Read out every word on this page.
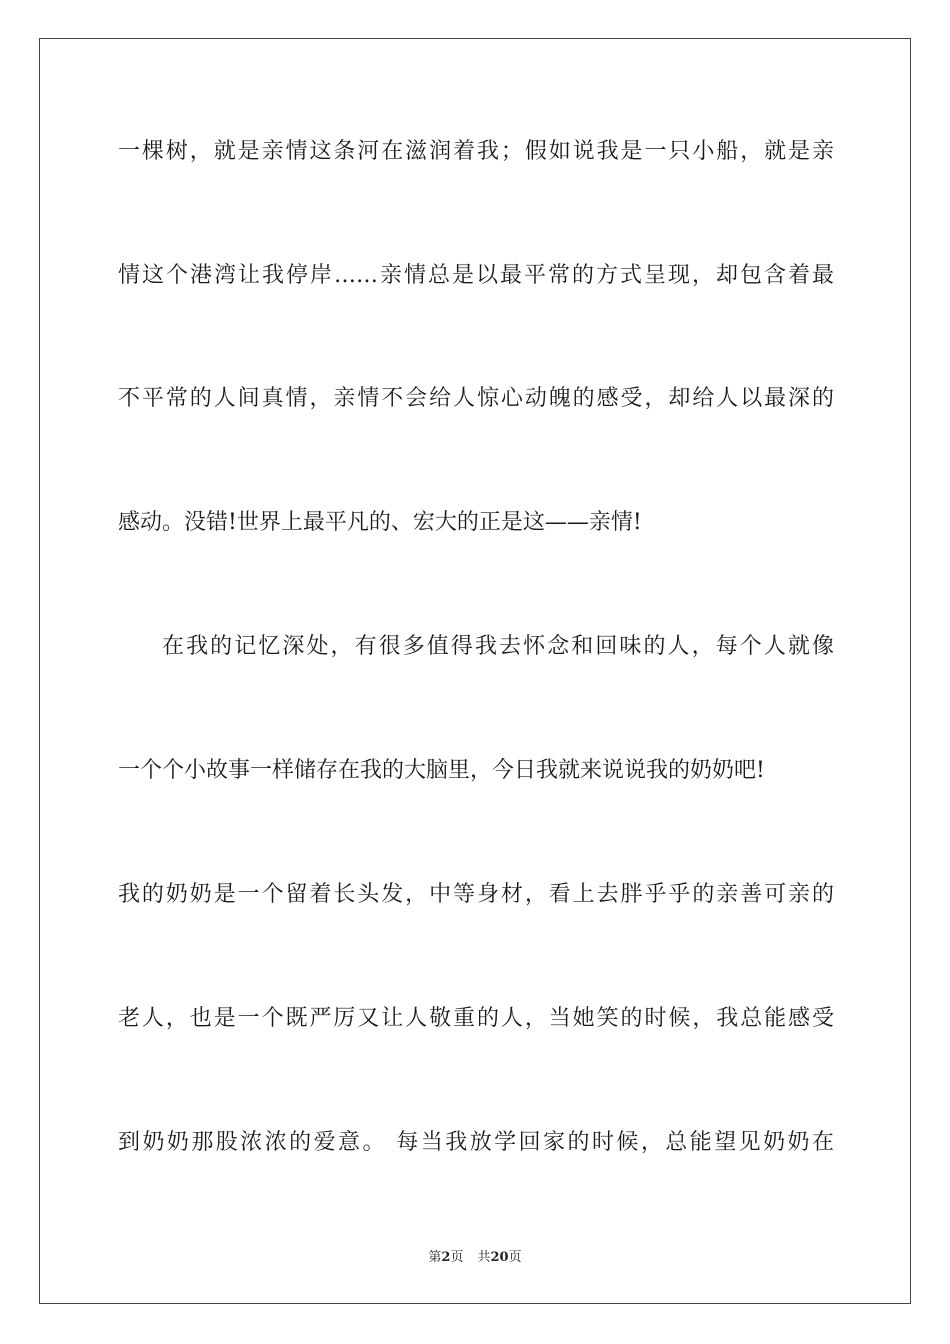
一棵树，就是亲情这条河在滋润着我；假如说我是一只小船，就是亲
情这个港湾让我停岸……亲情总是以最平常的方式呈现，却包含着最
不平常的人间真情，亲情不会给人惊心动魄的感受，却给人以最深的
感动。没错!世界上最平凡的、宏大的正是这——亲情!
在我的记忆深处，有很多值得我去怀念和回味的人，每个人就像
一个个小故事一样储存在我的大脑里，今日我就来说说我的奶奶吧!
我的奶奶是一个留着长头发，中等身材，看上去胖乎乎的亲善可亲的
老人，也是一个既严厉又让人敬重的人，当她笑的时候，我总能感受
到奶奶那股浓浓的爱意。 每当我放学回家的时候，总能望见奶奶在
第2页 共20页
